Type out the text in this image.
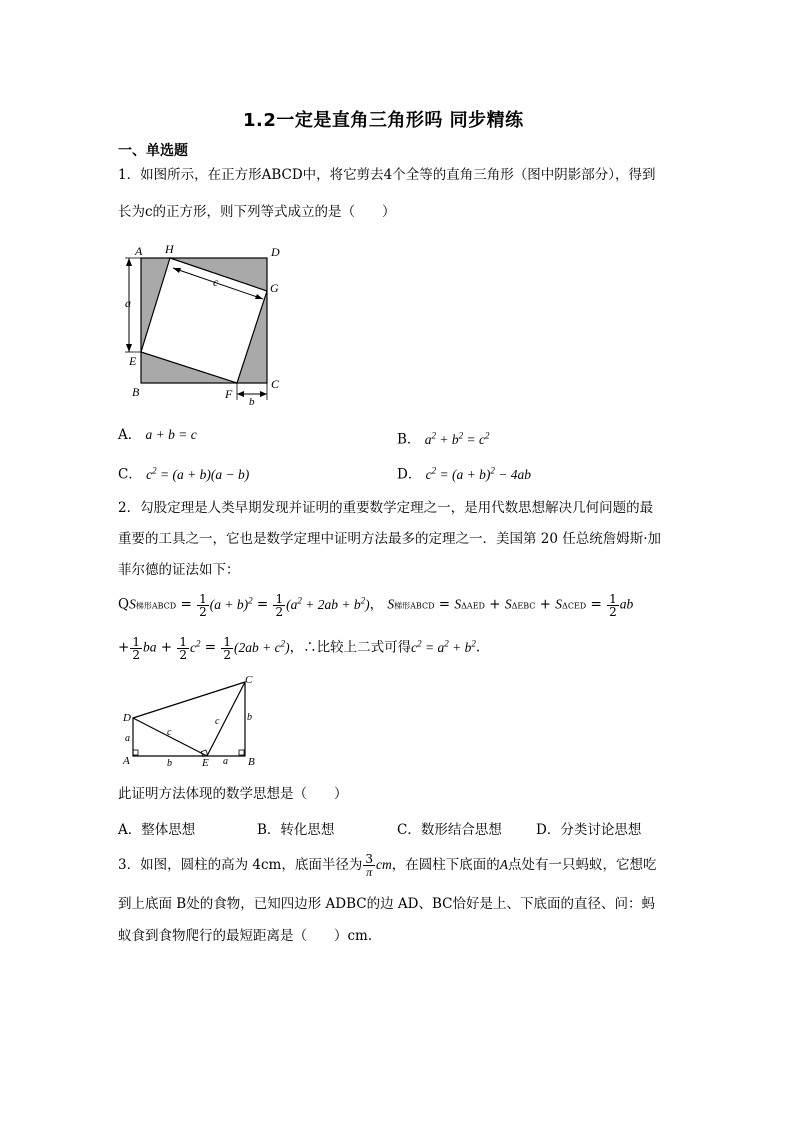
1.2一定是直角三角形吗 同步精练
一、单选题
1．如图所示，在正方形ABCD中，将它剪去4个全等的直角三角形（图中阴影部分），得到
长为c的正方形，则下列等式成立的是（　　）
A H	D
G
E
B	F
C
a
c
b
A． a + b = c	B． $a^2 + b^2 = c^2$
C． $c^2 = (a + b)(a - b)$	D． $c^2 = (a + b)^2 - 4ab$
2．勾股定理是人类早期发现并证明的重要数学定理之一，是用代数思想解决几何问题的最
重要的工具之一，它也是数学定理中证明方法最多的定理之一．美国第 20 任总统詹姆斯·加
菲尔德的证法如下：
QS梯形ABCD = $\frac{1}{2} (a + b)^2 = \frac{1}{2} (a^2 + 2ab + b^2)$， S梯形ABCD = $S\Delta AED + S\Delta EBC + S\Delta CED = \frac{1}{2}$ ab
+ $\frac{1}{2}$ ba + $\frac{1}{2} c^2 = \frac{1}{2} (2ab + c^2)$，∴比较上二式可得$c^2 = a^2 + b^2$.
D
A	B
C
E
a
c
c	b
b	a
此证明方法体现的数学思想是（　　）
A．整体思想	B．转化思想	C．数形结合思想	D．分类讨论思想
3．如图，圆柱的高为 4cm，底面半径为 $\frac{3}{\pi}$ cm，在圆柱下底面的A点处有一只蚂蚁，它想吃
到上底面 B处的食物，已知四边形 ADBC的边 AD、BC恰好是上、下底面的直径、问：蚂
蚁食到食物爬行的最短距离是（　　）cm.
